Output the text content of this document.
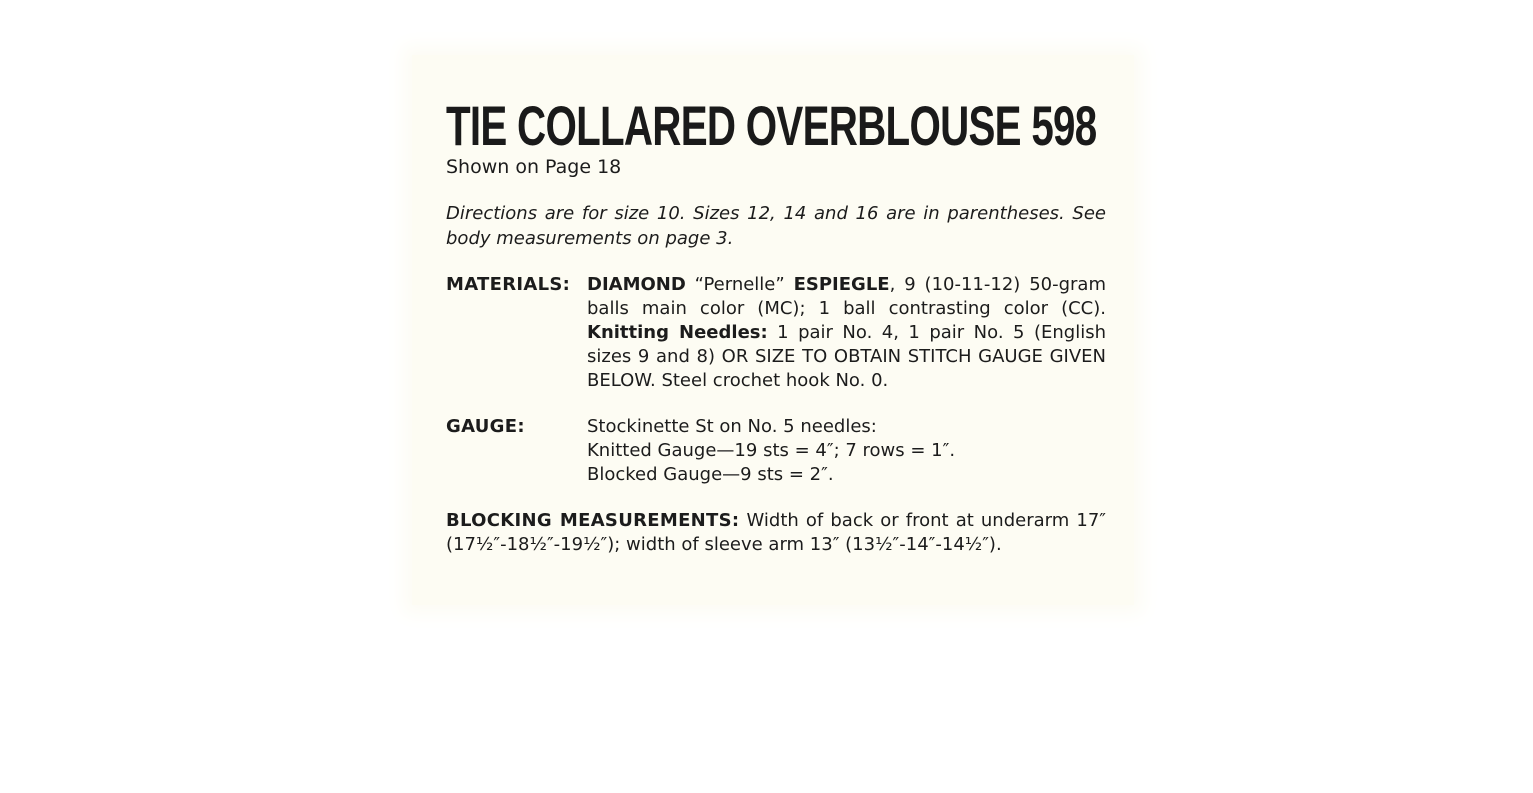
TIE COLLARED OVERBLOUSE 598
Shown on Page 18

Directions are for size 10. Sizes 12, 14 and 16 are in parentheses. See body measurements on page 3.

MATERIALS: DIAMOND “Pernelle” ESPIEGLE, 9 (10-11-12) 50-gram balls main color (MC); 1 ball contrasting color (CC). Knitting Needles: 1 pair No. 4, 1 pair No. 5 (English sizes 9 and 8) OR SIZE TO OBTAIN STITCH GAUGE GIVEN BELOW. Steel crochet hook No. 0.
GAUGE:	Stockinette St on No. 5 needles:
Knitted Gauge—19 sts = 4″; 7 rows = 1″.
Blocked Gauge—9 sts = 2″.
BLOCKING MEASUREMENTS: Width of back or front at underarm 17″ (17½″-18½″-19½″); width of sleeve arm 13″ (13½″-14″-14½″).
